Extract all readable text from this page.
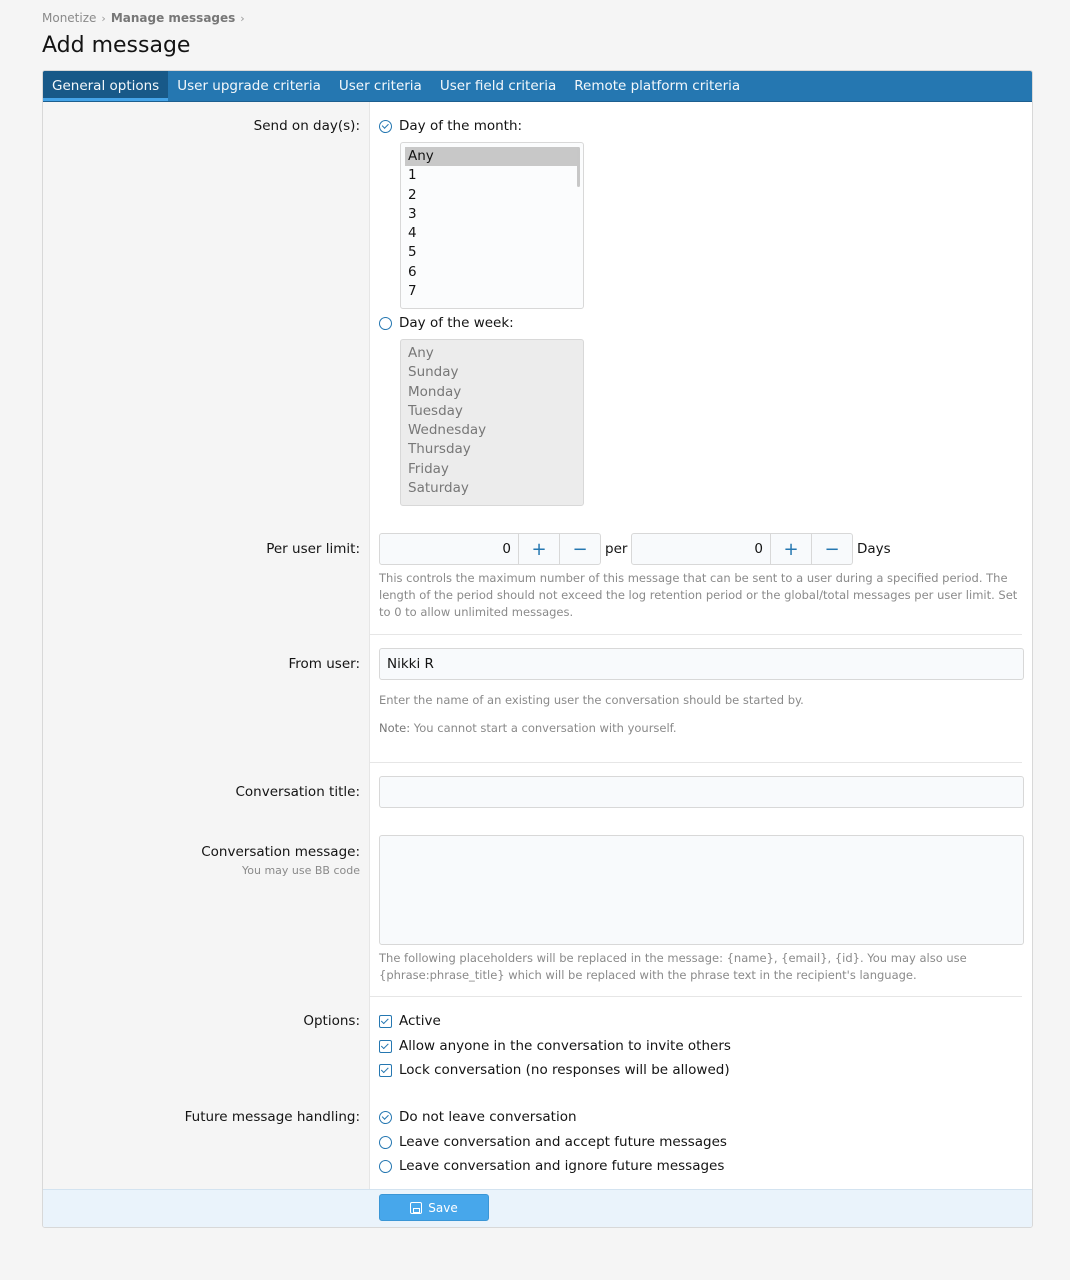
Monetize › Manage messages ›
Add message
General options	User upgrade criteria	User criteria	User field criteria	Remote platform criteria
Send on day(s):	Day of the month:
Any
1
2
3
4
5
6
7
Day of the week:
Any
Sunday
Monday
Tuesday
Wednesday
Thursday
Friday
Saturday
Per user limit:	0	+	−	per	0	+	−	Days
This controls the maximum number of this message that can be sent to a user during a specified period. The length of the period should not exceed the log retention period or the global/total messages per user limit. Set to 0 to allow unlimited messages.
From user:	Nikki R
Enter the name of an existing user the conversation should be started by.
Note: You cannot start a conversation with yourself.
Conversation title:
Conversation message:
You may use BB code
The following placeholders will be replaced in the message: {name}, {email}, {id}. You may also use {phrase:phrase_title} which will be replaced with the phrase text in the recipient's language.
Options:	Active
Allow anyone in the conversation to invite others
Lock conversation (no responses will be allowed)
Future message handling:	Do not leave conversation
Leave conversation and accept future messages
Leave conversation and ignore future messages
Save
